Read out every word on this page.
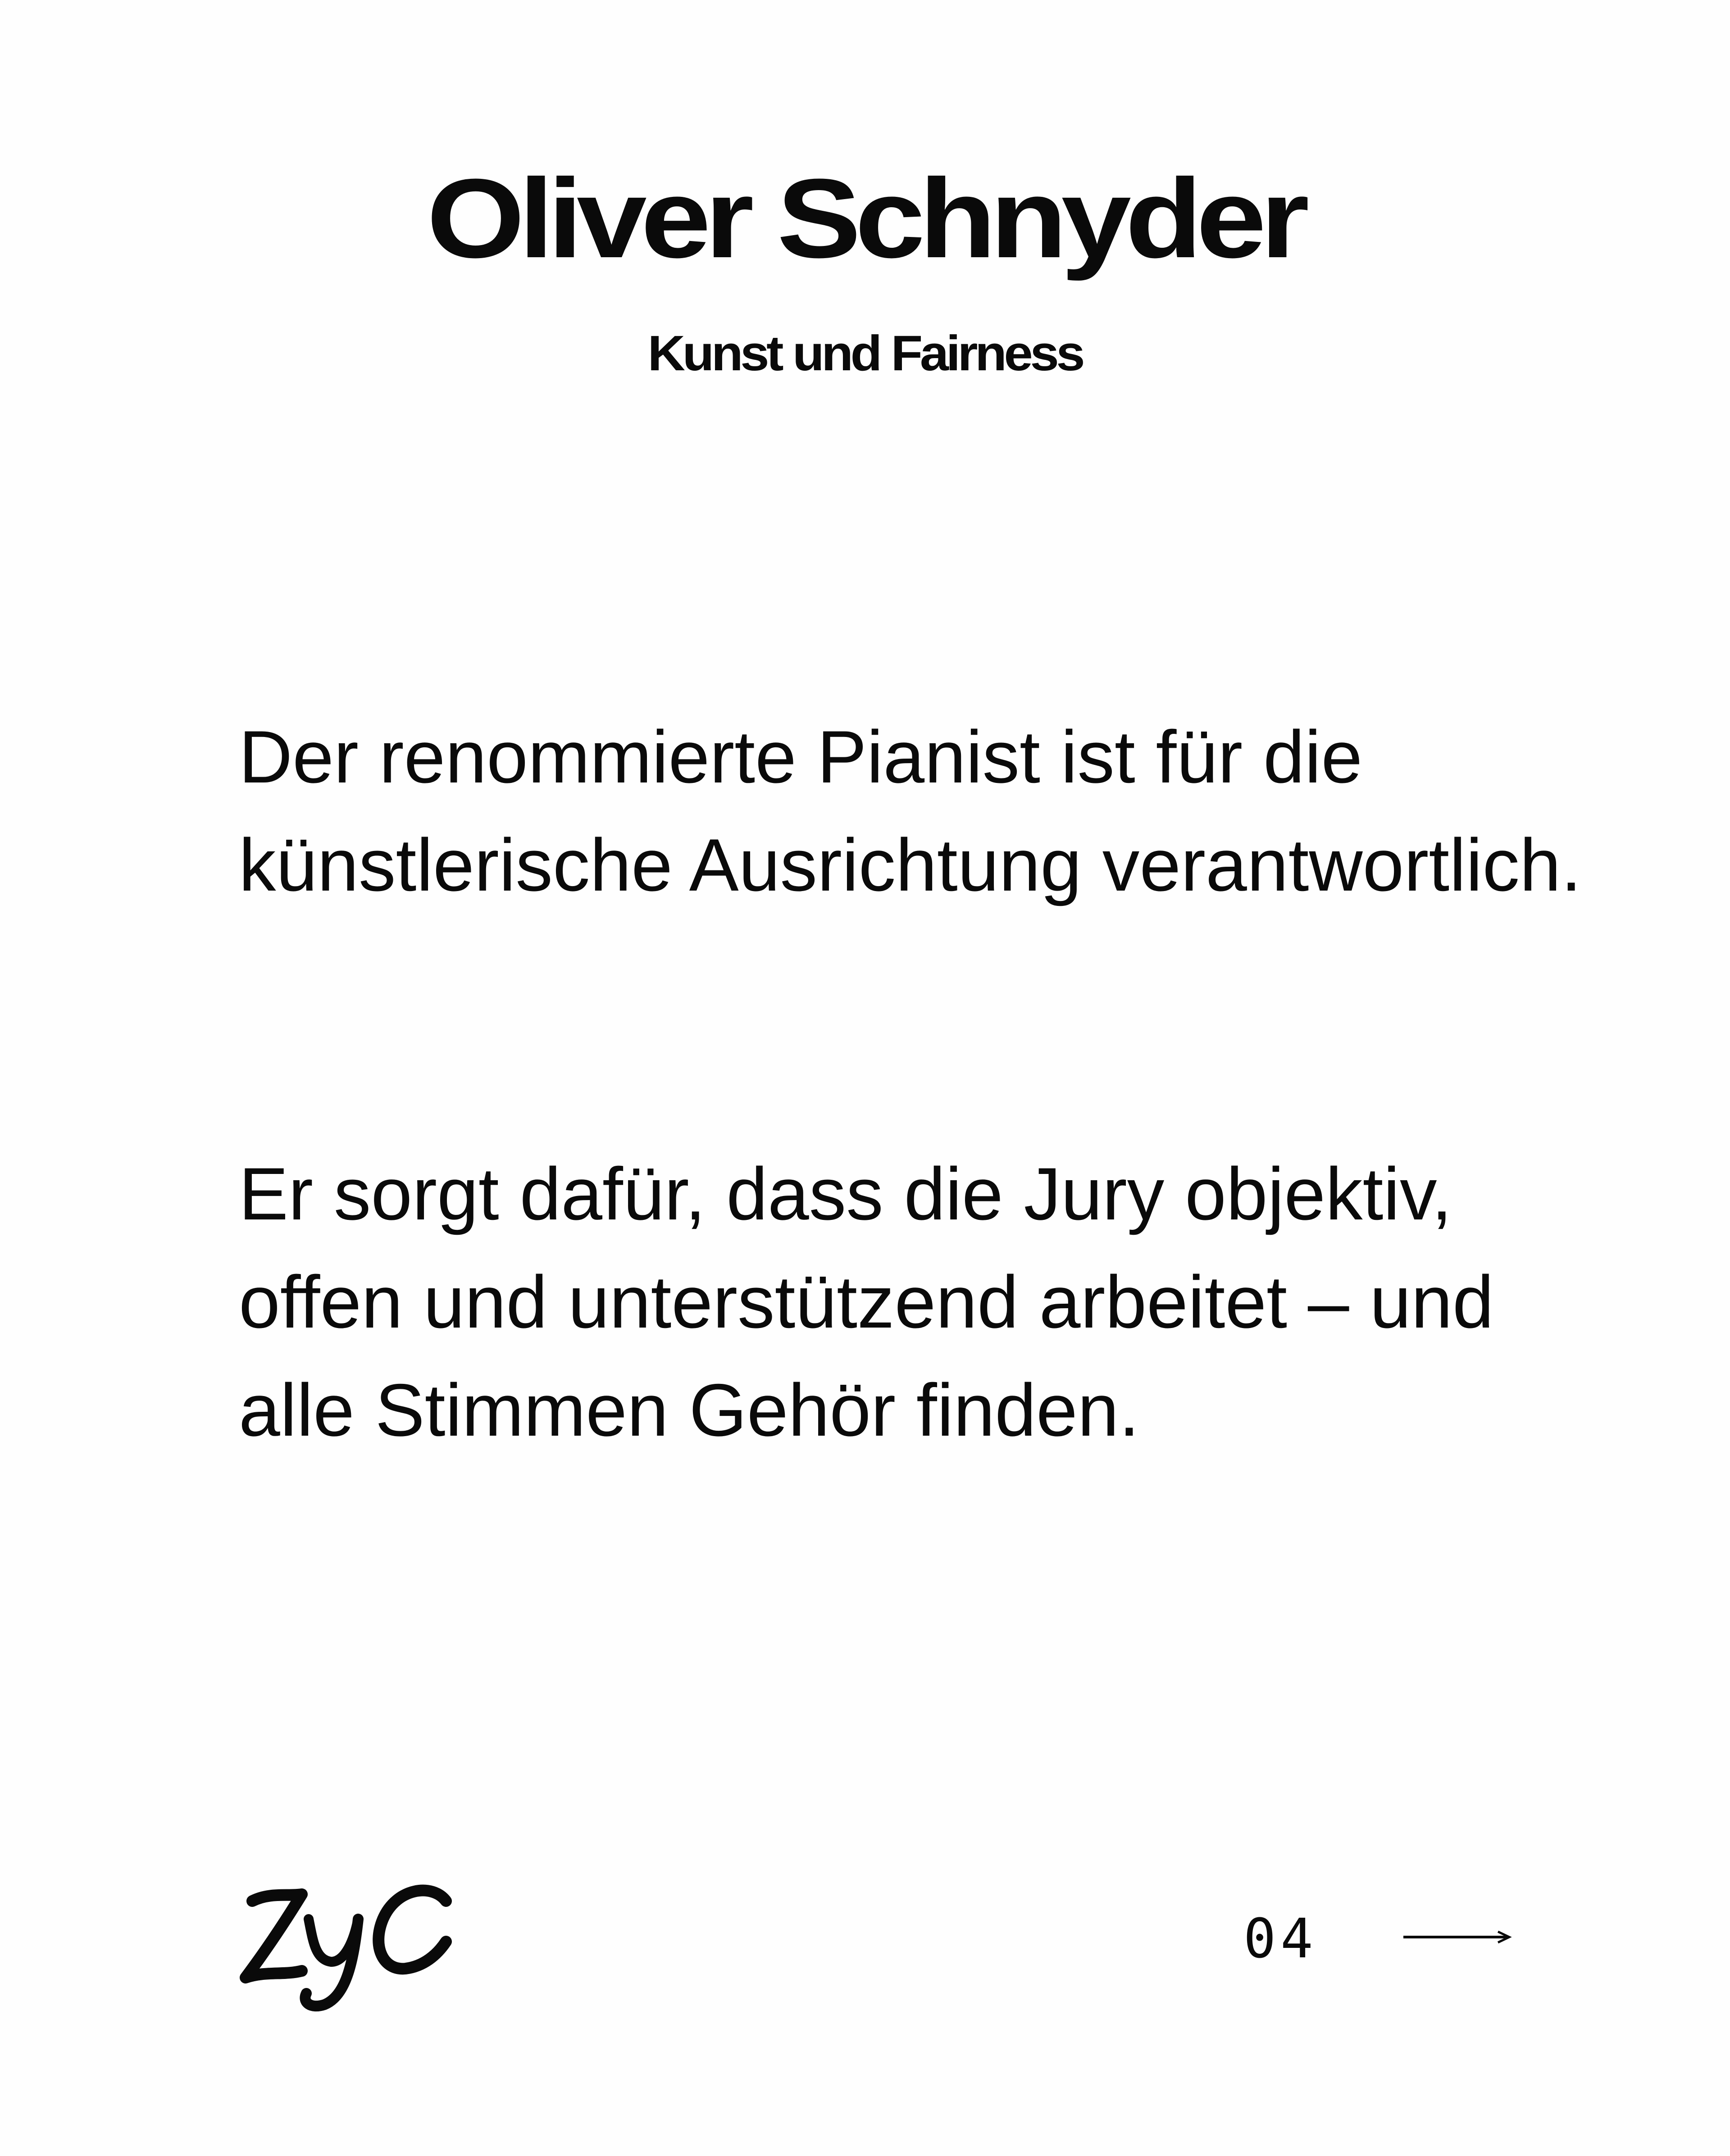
Oliver Schnyder
Kunst und Fairness

Der renommierte Pianist ist für die künstlerische Ausrichtung verantwortlich.

Er sorgt dafür, dass die Jury objektiv, offen und unterstützend arbeitet – und alle Stimmen Gehör finden.

04
